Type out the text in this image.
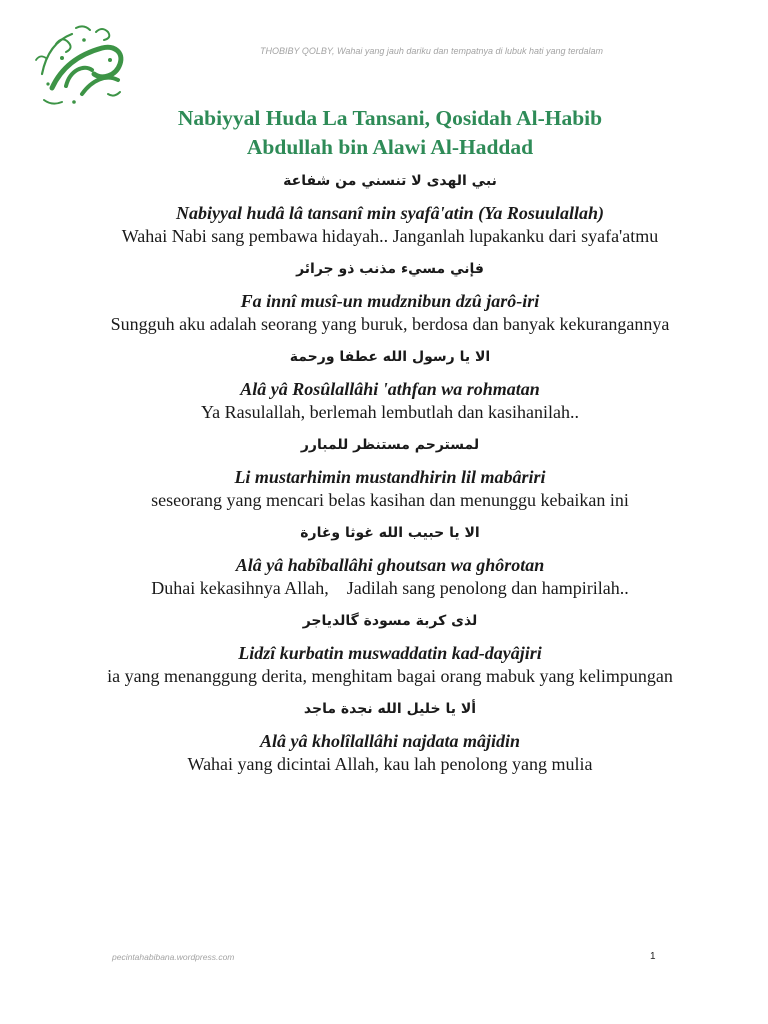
THOBIBY QOLBY, Wahai yang jauh dariku dan tempatnya di lubuk hati yang terdalam
Nabiyyal Huda La Tansani, Qosidah Al-Habib
Abdullah bin Alawi Al-Haddad
نبي الهدى لا تنسني من شفاعة
Nabiyyal hudâ lâ tansanî min syafâ'atin (Ya Rosuulallah)
Wahai Nabi sang pembawa hidayah.. Janganlah lupakanku dari syafa'atmu
فإني مسيء مذنب ذو جرائر
Fa innî musî-un mudznibun dzû jarô-iri
Sungguh aku adalah seorang yang buruk, berdosa dan banyak kekurangannya
الا يا رسول الله عطفا ورحمة
Alâ yâ Rosûlallâhi 'athfan wa rohmatan
Ya Rasulallah, berlemah lembutlah dan kasihanilah..
لمسترحم مستنظر للمبارر
Li mustarhimin mustandhirin lil mabâriri
seseorang yang mencari belas kasihan dan menunggu kebaikan ini
الا يا حبيب الله غوثا وغارة
Alâ yâ habîballâhi ghoutsan wa ghôrotan
Duhai kekasihnya Allah,    Jadilah sang penolong dan hampirilah..
لذى كربة مسودة گالدياجر
Lidzî kurbatin muswaddatin kad-dayâjiri
ia yang menanggung derita, menghitam bagai orang mabuk yang kelimpungan
ألا يا خليل الله نجدة ماجد
Alâ yâ kholîlallâhi najdata mâjidin
Wahai yang dicintai Allah, kau lah penolong yang mulia
pecintahabibana.wordpress.com	1
